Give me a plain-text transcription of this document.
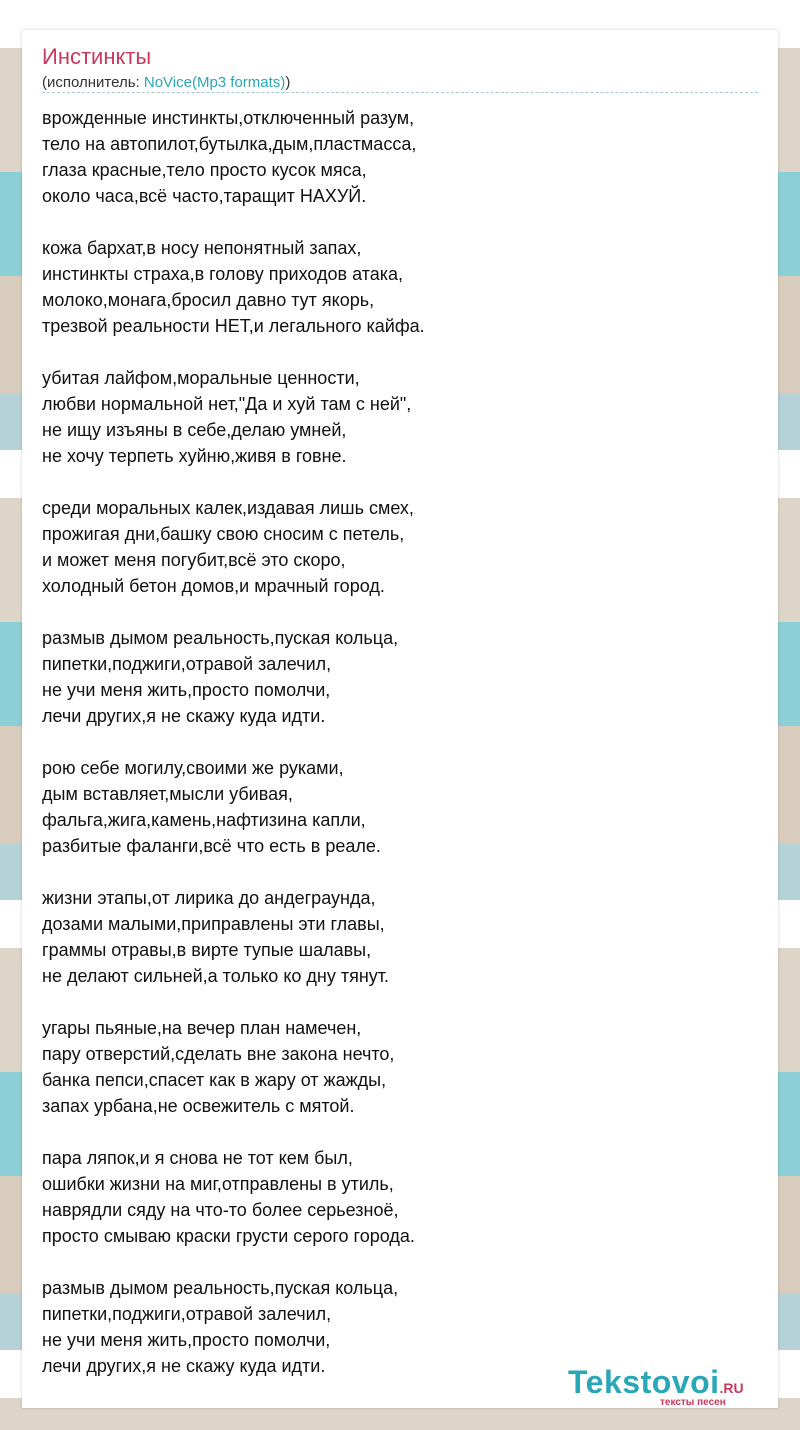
Инстинкты
(исполнитель: NoVice(Mp3 formats))
врожденные инстинкты,отключенный разум,
тело на автопилот,бутылка,дым,пластмасса,
глаза красные,тело просто кусок мяса,
около часа,всё часто,таращит НАХУЙ.
кожа бархат,в носу непонятный запах,
инстинкты страха,в голову приходов атака,
молоко,монага,бросил давно тут якорь,
трезвой реальности НЕТ,и легального кайфа.
убитая лайфом,моральные ценности,
любви нормальной нет,"Да и хуй там с ней",
не ищу изъяны в себе,делаю умней,
не хочу терпеть хуйню,живя в говне.
среди моральных калек,издавая лишь смех,
прожигая дни,башку свою сносим с петель,
и может меня погубит,всё это скоро,
холодный бетон домов,и мрачный город.
размыв дымом реальность,пуская кольца,
пипетки,поджиги,отравой залечил,
не учи меня жить,просто помолчи,
лечи других,я не скажу куда идти.
рою себе могилу,своими же руками,
дым вставляет,мысли убивая,
фальга,жига,камень,нафтизина капли,
разбитые фаланги,всё что есть в реале.
жизни этапы,от лирика до андеграунда,
дозами малыми,приправлены эти главы,
граммы отравы,в вирте тупые шалавы,
не делают сильней,а только ко дну тянут.
угары пьяные,на вечер план намечен,
пару отверстий,сделать вне закона нечто,
банка пепси,спасет как в жару от жажды,
запах урбана,не освежитель с мятой.
пара ляпок,и я снова не тот кем был,
ошибки жизни на миг,отправлены в утиль,
наврядли сяду на что-то более серьезноё,
просто смываю краски грусти серого города.
размыв дымом реальность,пуская кольца,
пипетки,поджиги,отравой залечил,
не учи меня жить,просто помолчи,
лечи других,я не скажу куда идти.	Tekstovoi.RU
тексты песен
